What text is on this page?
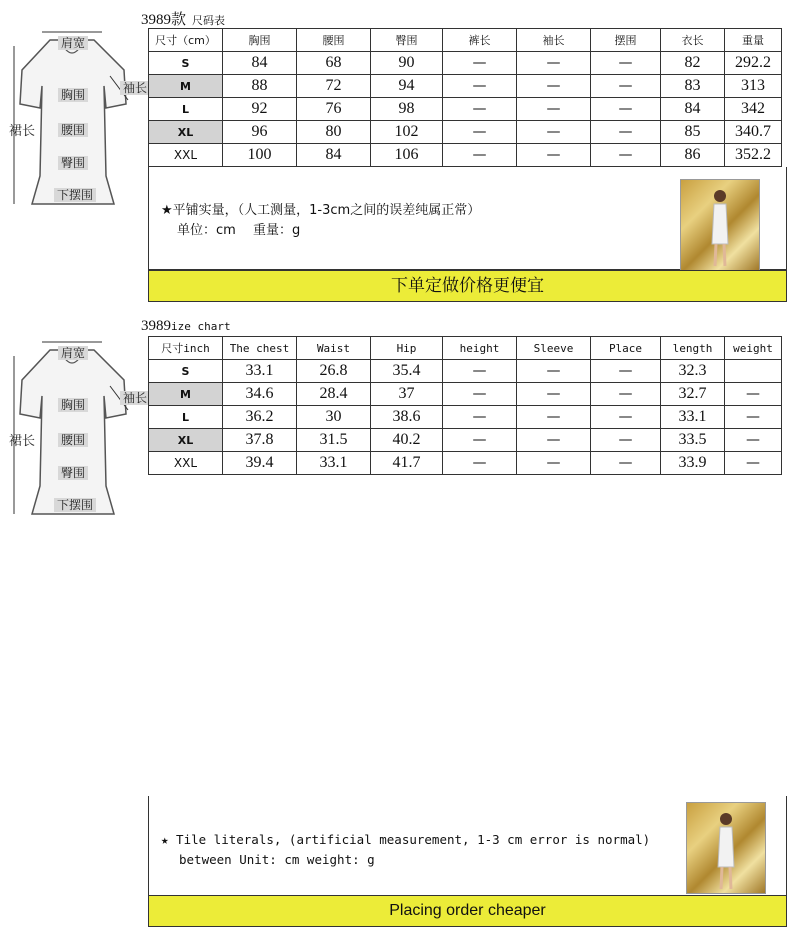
肩宽
袖长
胸围
裙长 腰围
臀围
下摆围
3989款 尺码表
尺寸（cm）	胸围	腰围	臀围	裤长	袖长	摆围	衣长	重量
S	84	68	90	—	—	—	82	292.2
M	88	72	94	—	—	—	83	313
L	92	76	98	—	—	—	84	342
XL	96	80	102	—	—	—	85	340.7
XXL	100	84	106	—	—	—	86	352.2
★平铺实量，（人工测量，1-3cm之间的误差纯属正常）
单位：cm　 重量：g
下单定做价格更便宜
肩宽
袖长
胸围
裙长 腰围
臀围
下摆围
3989ize chart
尺寸inch	The chest	Waist	Hip	height	Sleeve	Place	length	weight
S	33.1	26.8	35.4	—	—	—	32.3	
M	34.6	28.4	37	—	—	—	32.7	—
L	36.2	30	38.6	—	—	—	33.1	—
XL	37.8	31.5	40.2	—	—	—	33.5	—
XXL	39.4	33.1	41.7	—	—	—	33.9	—
★ Tile literals, (artificial measurement, 1-3 cm error is normal)
between Unit: cm weight: g
Placing order cheaper
